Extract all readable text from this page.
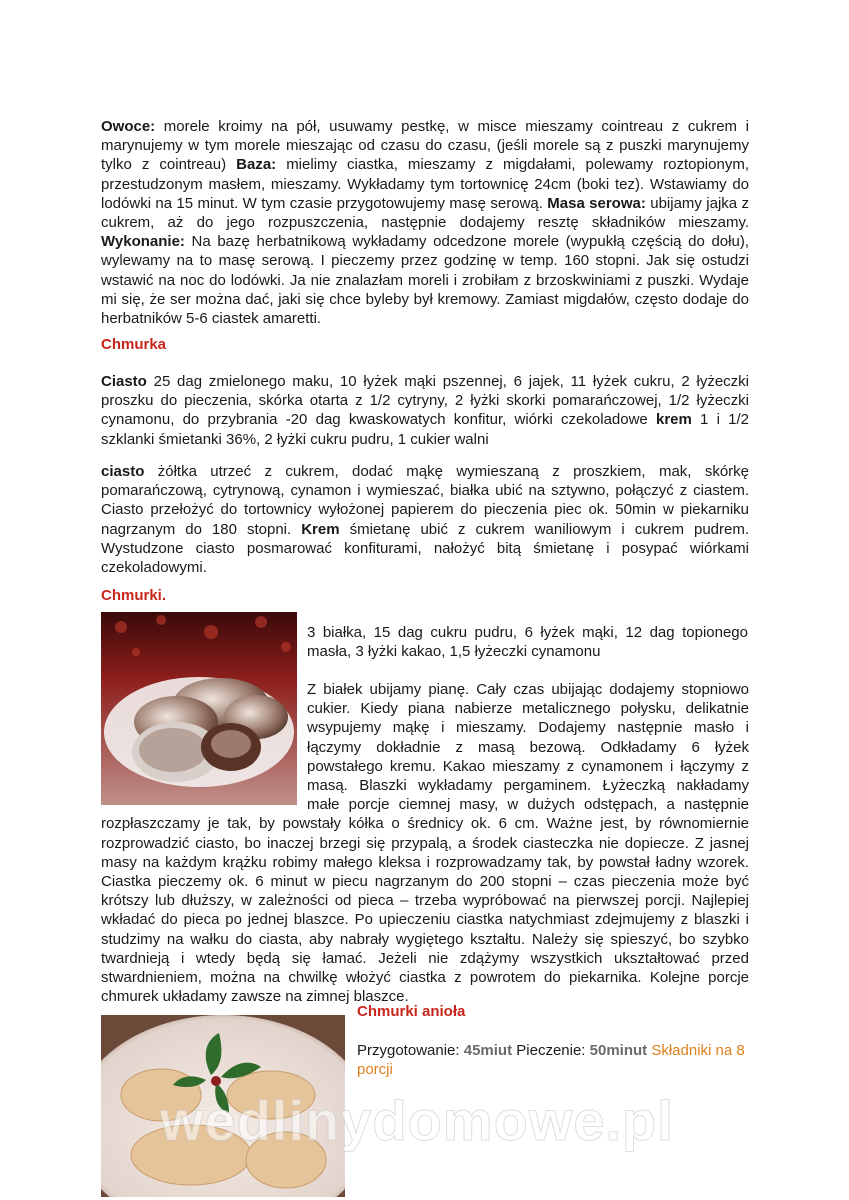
Owoce: morele kroimy na pół, usuwamy pestkę, w misce mieszamy cointreau z cukrem i marynujemy w tym morele mieszając od czasu do czasu, (jeśli morele są z puszki marynujemy tylko z cointreau) Baza: mielimy ciastka, mieszamy z migdałami, polewamy roztopionym, przestudzonym masłem, mieszamy. Wykładamy tym tortownicę 24cm (boki tez). Wstawiamy do lodówki na 15 minut. W tym czasie przygotowujemy masę serową. Masa serowa: ubijamy jajka z cukrem, aż do jego rozpuszczenia, następnie dodajemy resztę składników mieszamy. Wykonanie: Na bazę herbatnikową wykładamy odcedzone morele (wypukłą częścią do dołu), wylewamy na to masę serową. I pieczemy przez godzinę w temp. 160 stopni. Jak się ostudzi wstawić na noc do lodówki. Ja nie znalazłam moreli i zrobiłam z brzoskwiniami z puszki. Wydaje mi się, że ser można dać, jaki się chce byleby był kremowy. Zamiast migdałów, często dodaje do herbatników 5-6 ciastek amaretti.

Chmurka

Ciasto 25 dag zmielonego maku, 10 łyżek mąki pszennej, 6 jajek, 11 łyżek cukru, 2 łyżeczki proszku do pieczenia, skórka otarta z 1/2 cytryny, 2 łyżki skorki pomarańczowej, 1/2 łyżeczki cynamonu, do przybrania -20 dag kwaskowatych konfitur, wiórki czekoladowe krem 1 i 1/2 szklanki śmietanki 36%, 2 łyżki cukru pudru, 1 cukier walni

ciasto żółtka utrzeć z cukrem, dodać mąkę wymieszaną z proszkiem, mak, skórkę pomarańczową, cytrynową, cynamon i wymieszać, białka ubić na sztywno, połączyć z ciastem. Ciasto przełożyć do tortownicy wyłożonej papierem do pieczenia piec ok. 50min w piekarniku nagrzanym do 180 stopni. Krem śmietanę ubić z cukrem waniliowym i cukrem pudrem. Wystudzone ciasto posmarować konfiturami, nałożyć bitą śmietanę i posypać wiórkami czekoladowymi.

Chmurki.

3 białka, 15 dag cukru pudru, 6 łyżek mąki, 12 dag topionego masła, 3 łyżki kakao, 1,5 łyżeczki cynamonu

Z białek ubijamy pianę. Cały czas ubijając dodajemy stopniowo cukier. Kiedy piana nabierze metalicznego połysku, delikatnie wsypujemy mąkę i mieszamy. Dodajemy następnie masło i łączymy dokładnie z masą bezową. Odkładamy 6 łyżek powstałego kremu. Kakao mieszamy z cynamonem i łączymy z masą. Blaszki wykładamy pergaminem. Łyżeczką nakładamy małe porcje ciemnej masy, w dużych odstępach, a następnie rozpłaszczamy je tak, by powstały kółka o średnicy ok. 6 cm. Ważne jest, by równomiernie rozprowadzić ciasto, bo inaczej brzegi się przypalą, a środek ciasteczka nie dopiecze. Z jasnej masy na każdym krążku robimy małego kleksa i rozprowadzamy tak, by powstał ładny wzorek. Ciastka pieczemy ok. 6 minut w piecu nagrzanym do 200 stopni – czas pieczenia może być krótszy lub dłuższy, w zależności od pieca – trzeba wypróbować na pierwszej porcji. Najlepiej wkładać do pieca po jednej blaszce. Po upieczeniu ciastka natychmiast zdejmujemy z blaszki i studzimy na wałku do ciasta, aby nabrały wygiętego kształtu. Należy się spieszyć, bo szybko twardnieją i wtedy będą się łamać. Jeżeli nie zdążymy wszystkich ukształtować przed stwardnieniem, można na chwilkę włożyć ciastka z powrotem do piekarnika. Kolejne porcje chmurek układamy zawsze na zimnej blaszce.

Chmurki anioła

Przygotowanie: 45miut Pieczenie: 50minut Składniki na 8 porcji

wedlinydomowe.pl
